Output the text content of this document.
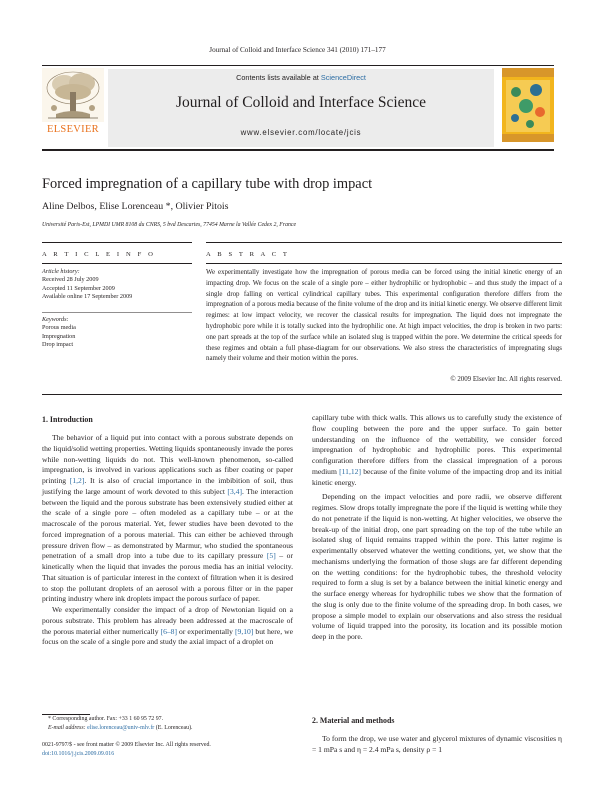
Journal of Colloid and Interface Science 341 (2010) 171–177
ELSEVIER
Contents lists available at ScienceDirect
Journal of Colloid and Interface Science
www.elsevier.com/locate/jcis
Forced impregnation of a capillary tube with drop impact
Aline Delbos, Elise Lorenceau *, Olivier Pitois
Université Paris-Est, LPMDI UMR 8108 du CNRS, 5 bvd Descartes, 77454 Marne la Vallée Cedex 2, France
A R T I C L E I N F O
Article history:
Received 28 July 2009
Accepted 11 September 2009
Available online 17 September 2009
Keywords:
Porous media
Impregnation
Drop impact
A B S T R A C T
We experimentally investigate how the impregnation of porous media can be forced using the initial kinetic energy of an impacting drop. We focus on the scale of a single pore – either hydrophilic or hydrophobic – and thus study the impact of a single drop falling on vertical cylindrical capillary tubes. This experimental configuration therefore differs from the impregnation of a porous media because of the finite volume of the drop and its initial kinetic energy. We observe different limit regimes: at low impact velocity, we recover the classical results for impregnation. The liquid does not impregnate the hydrophobic pore while it is totally sucked into the hydrophilic one. At high impact velocities, the drop is broken in two parts: one part spreads at the top of the surface while an isolated slug is trapped within the pore. We determine the critical speeds for these regimes and obtain a full phase-diagram for our observations. We also stress the characteristics of impregnating slugs namely their volume and their motion within the pores.
© 2009 Elsevier Inc. All rights reserved.
1. Introduction

The behavior of a liquid put into contact with a porous substrate depends on the liquid/solid wetting properties. Wetting liquids spontaneously invade the pores while non-wetting liquids do not. This well-known phenomenon, so-called impregnation, is involved in various applications such as fiber coating or paper printing [1,2]. It is also of crucial importance in the imbibition of soil, thus justifying the large amount of work devoted to this subject [3,4]. The interaction between the liquid and the porous substrate has been extensively studied either at the scale of a single pore – often modeled as a capillary tube – or at the macroscale of the porous material. Yet, fewer studies have been devoted to the forced impregnation of a porous material. This can either be achieved through pressure driven flow – as demonstrated by Marmur, who studied the spontaneous penetration of a small drop into a tube due to its capillary pressure [5] – or kinetically when the liquid that invades the porous media has an initial velocity. That situation is of particular interest in the context of filtration when it is desired to stop the pollutant droplets of an aerosol with a porous filter or in the paper printing industry where ink droplets impact the porous surface of paper.

We experimentally consider the impact of a drop of Newtonian liquid on a porous substrate. This problem has already been addressed at the macroscale of the porous material either numerically [6–8] or experimentally [9,10] but here, we focus on the scale of a single pore and study the axial impact of a droplet on

capillary tube with thick walls. This allows us to carefully study the existence of flow coupling between the pore and the upper surface. To gain better understanding on the influence of the wettability, we consider forced impregnation of hydrophobic and hydrophilic pores. This experimental configuration therefore differs from the classical impregnation of a porous medium [11,12] because of the finite volume of the impacting drop and its initial kinetic energy.

Depending on the impact velocities and pore radii, we observe different regimes. Slow drops totally impregnate the pore if the liquid is wetting while they do not penetrate if the liquid is non-wetting. At higher velocities, we observe the break-up of the initial drop, one part spreading on the top of the tube while an isolated slug of liquid remains trapped within the pore. This latter regime is experimentally observed whatever the wetting conditions, yet, we show that the mechanisms underlying the formation of those slugs are far different depending on the wetting conditions: for the hydrophobic tubes, the threshold velocity required to form a slug is set by a balance between the initial kinetic energy and the surface energy whereas for hydrophilic tubes we show that the formation of the slug is only due to the finite volume of the spreading drop. In both cases, we propose a simple model to explain our observations and also stress the residual volume of liquid trapped into the porosity, its location and its possible motion deep in the pore.

2. Material and methods

To form the drop, we use water and glycerol mixtures of dynamic viscosities η = 1 mPa s and η = 2.4 mPa s, density ρ = 1

* Corresponding author. Fax: +33 1 60 95 72 97.
E-mail address: elise.lorenceau@univ-mlv.fr (E. Lorenceau).
0021-9797/$ - see front matter © 2009 Elsevier Inc. All rights reserved.
doi:10.1016/j.jcis.2009.09.016
